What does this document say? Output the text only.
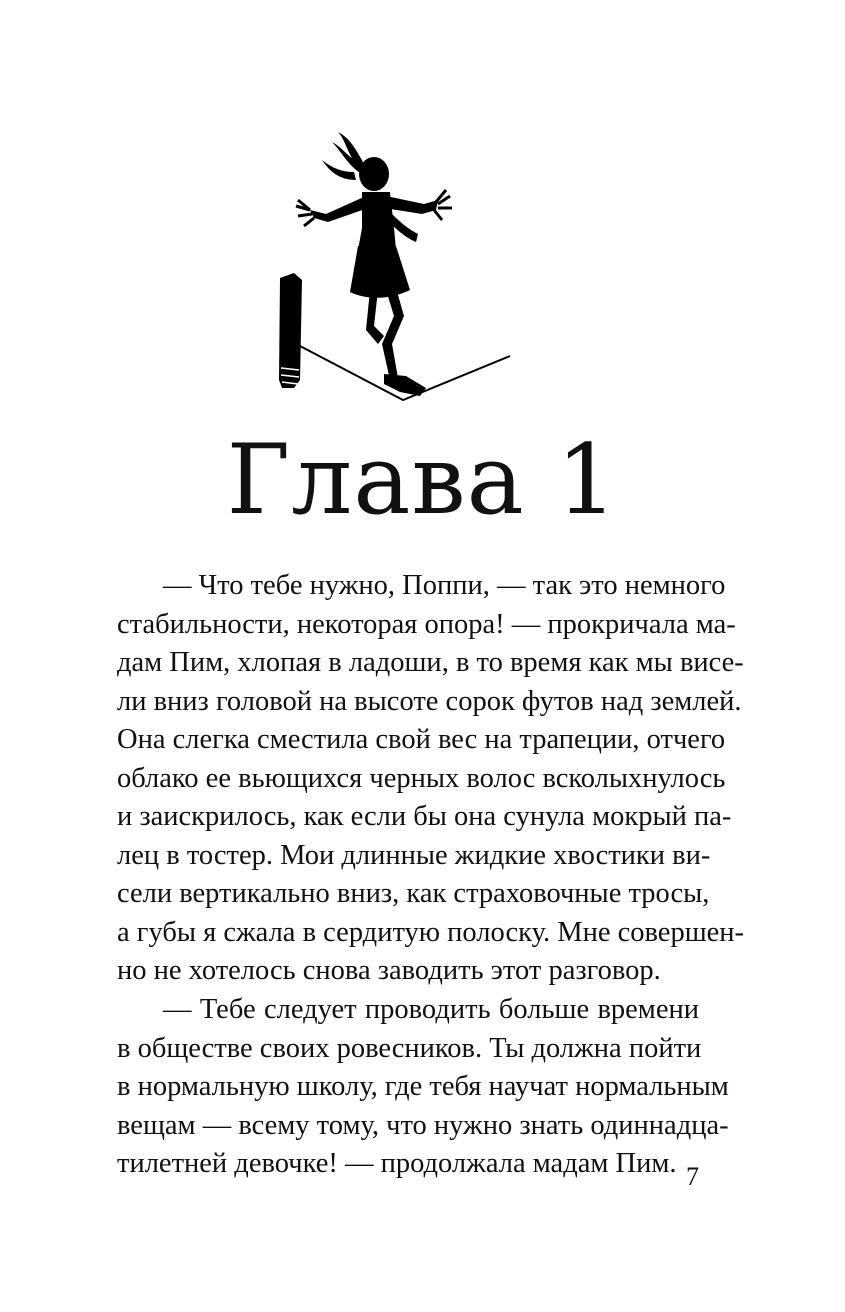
Глава 1
— Что тебе нужно, Поппи, — так это немного
стабильности, некоторая опора! — прокричала ма-
дам Пим, хлопая в ладоши, в то время как мы висе-
ли вниз головой на высоте сорок футов над землей.
Она слегка сместила свой вес на трапеции, отчего
облако ее вьющихся черных волос всколыхнулось
и заискрилось, как если бы она сунула мокрый па-
лец в тостер. Мои длинные жидкие хвостики ви-
сели вертикально вниз, как страховочные тросы,
а губы я сжала в сердитую полоску. Мне совершен-
но не хотелось снова заводить этот разговор.
— Тебе следует проводить больше времени
в обществе своих ровесников. Ты должна пойти
в нормальную школу, где тебя научат нормальным
вещам — всему тому, что нужно знать одиннадца-
тилетней девочке! — продолжала мадам Пим. 7
